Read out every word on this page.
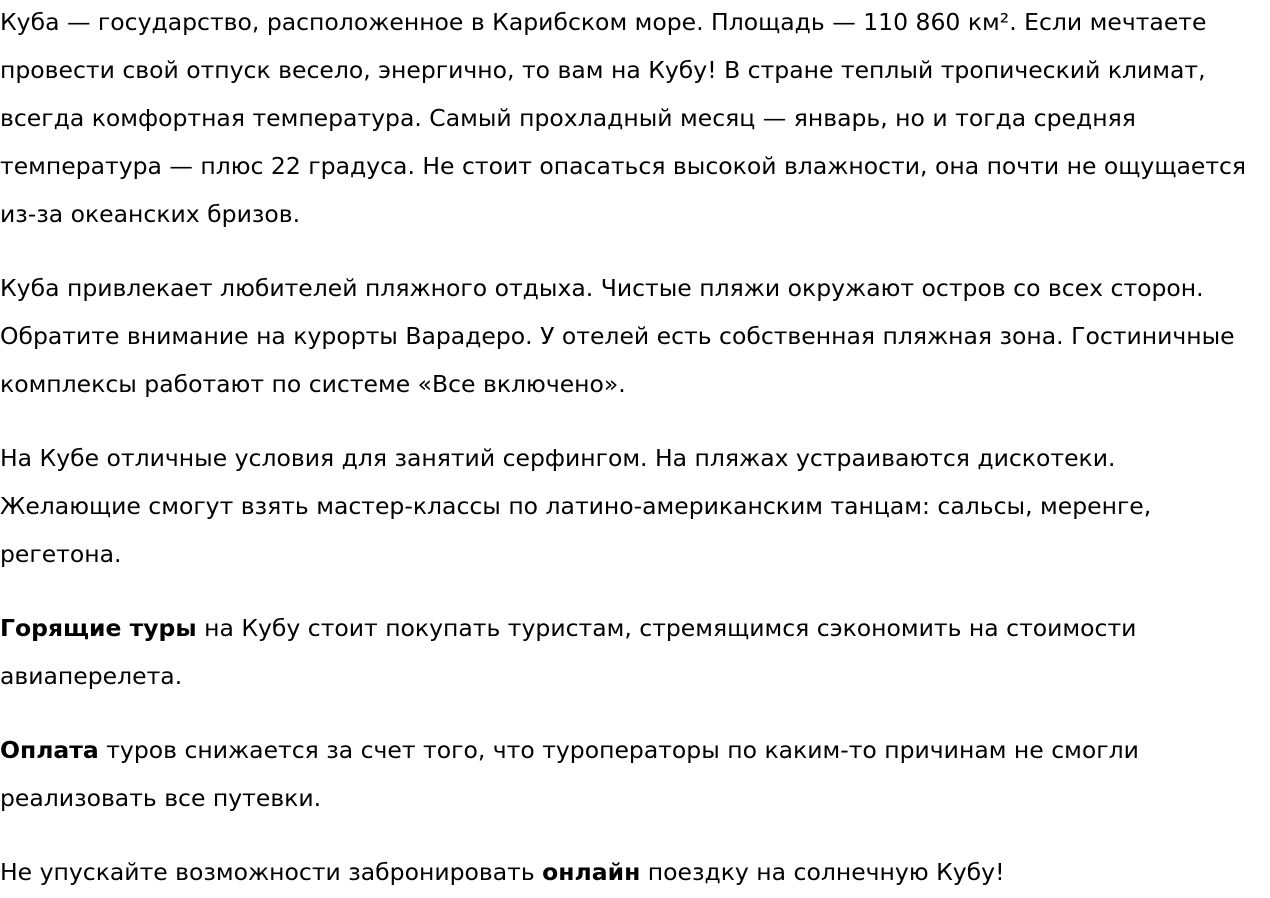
Куба — государство, расположенное в Карибском море. Площадь — 110 860 км². Если мечтаете провести свой отпуск весело, энергично, то вам на Кубу! В стране теплый тропический климат, всегда комфортная температура. Самый прохладный месяц — январь, но и тогда средняя температура — плюс 22 градуса. Не стоит опасаться высокой влажности, она почти не ощущается из-за океанских бризов.

Куба привлекает любителей пляжного отдыха. Чистые пляжи окружают остров со всех сторон. Обратите внимание на курорты Варадеро. У отелей есть собственная пляжная зона. Гостиничные комплексы работают по системе «Все включено».

На Кубе отличные условия для занятий серфингом. На пляжах устраиваются дискотеки. Желающие смогут взять мастер-классы по латино-американским танцам: сальсы, меренге, регетона.

Горящие туры на Кубу стоит покупать туристам, стремящимся сэкономить на стоимости авиаперелета.

Оплата туров снижается за счет того, что туроператоры по каким-то причинам не смогли реализовать все путевки.

Не упускайте возможности забронировать онлайн поездку на солнечную Кубу!
